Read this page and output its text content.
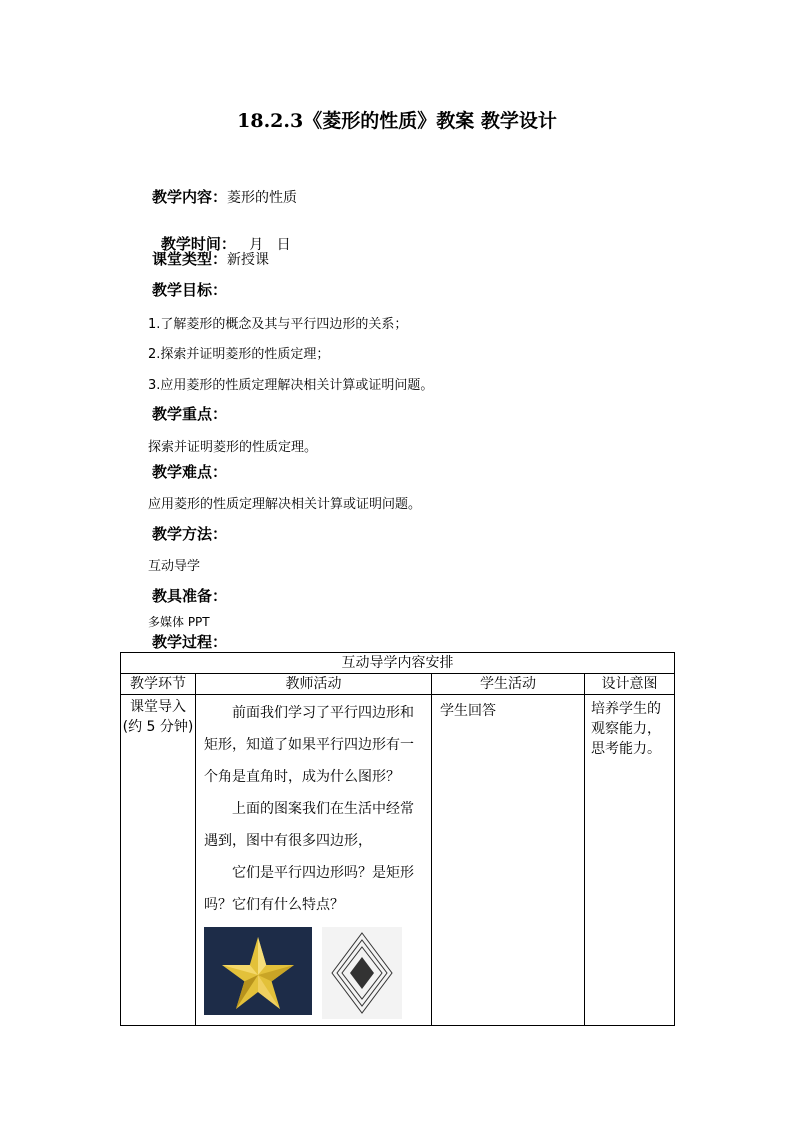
18.2.3《菱形的性质》教案 教学设计
教学内容：菱形的性质

教学时间：   月   日

课堂类型：新授课
教学目标：
1.了解菱形的概念及其与平行四边形的关系；
2.探索并证明菱形的性质定理；
3.应用菱形的性质定理解决相关计算或证明问题。
教学重点：
探索并证明菱形的性质定理。
教学难点：
应用菱形的性质定理解决相关计算或证明问题。
教学方法：
互动导学
教具准备：
多媒体 PPT
教学过程：
互动导学内容安排			
教学环节	教师活动	学生活动	设计意图
课堂导入(约 5 分钟)	前面我们学习了平行四边形和矩形，知道了如果平行四边形有一个角是直角时，成为什么图形？

上面的图案我们在生活中经常遇到，图中有很多四边形，

它们是平行四边形吗？是矩形吗？它们有什么特点？	学生回答	培养学生的观察能力，思考能力。
